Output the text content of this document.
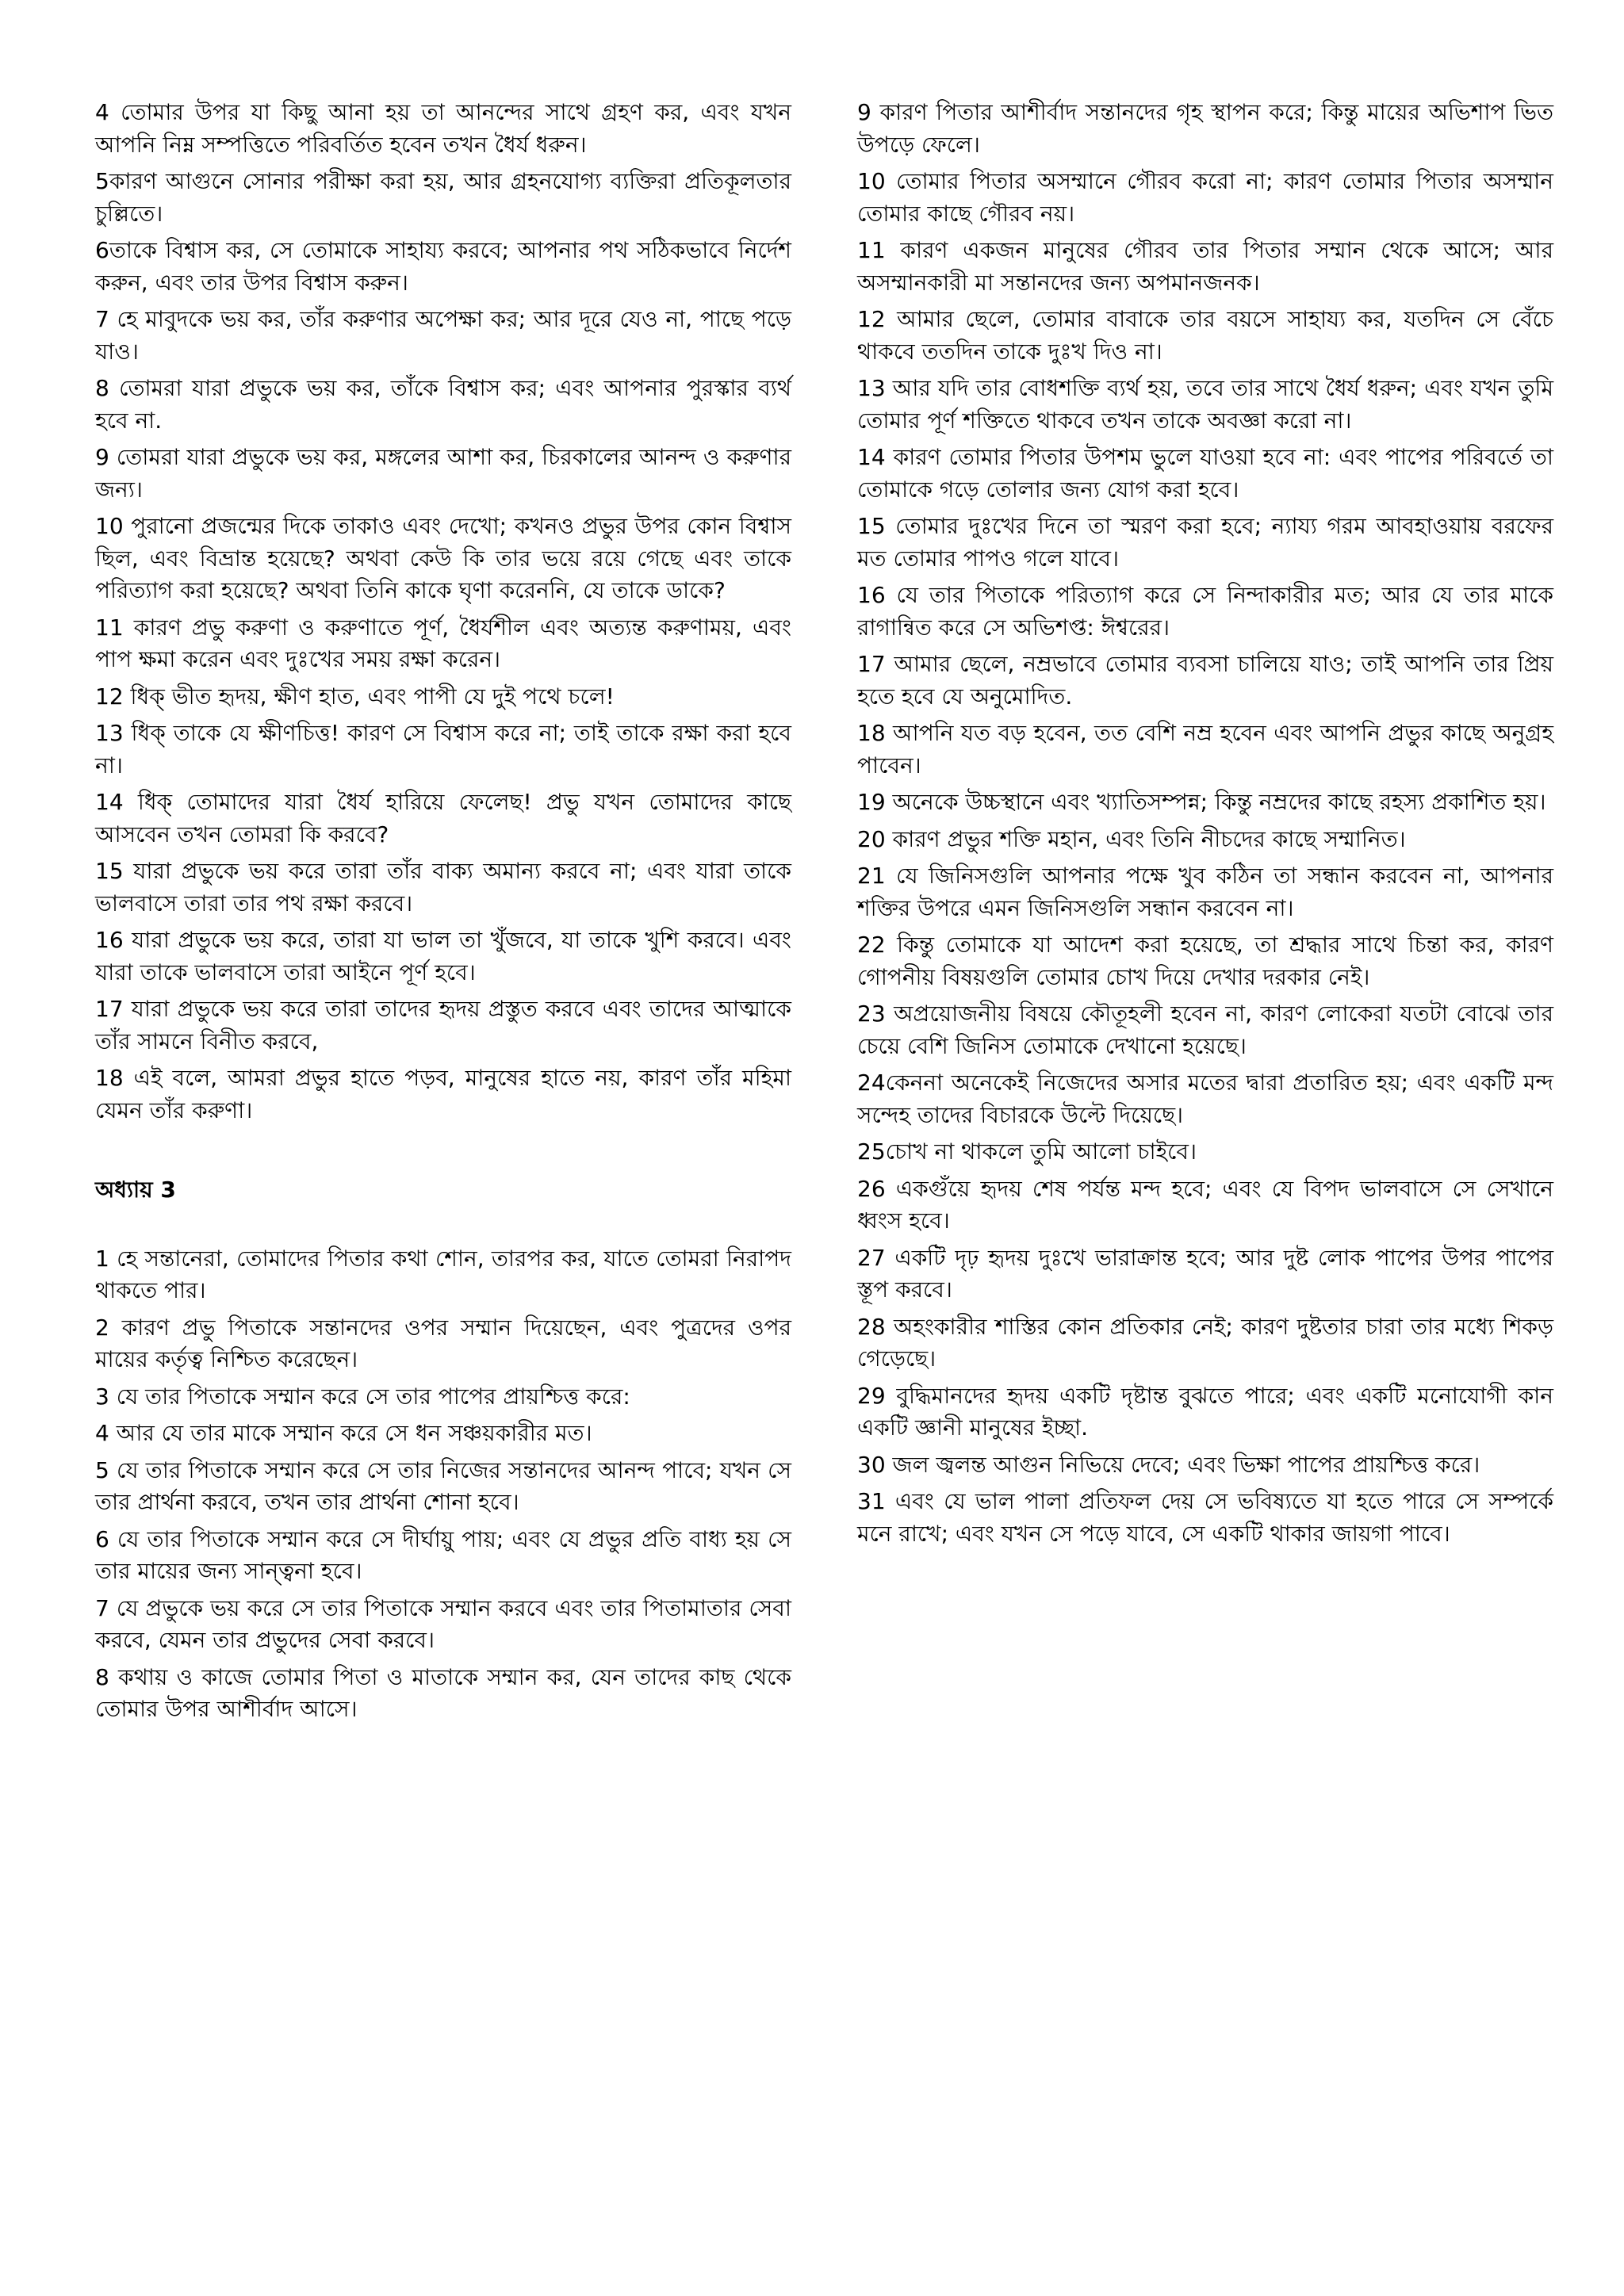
4 তোমার উপর যা কিছু আনা হয় তা আনন্দের সাথে গ্রহণ কর, এবং যখন আপনি নিম্ন সম্পত্তিতে পরিবর্তিত হবেন তখন ধৈর্য ধরুন।

5কারণ আগুনে সোনার পরীক্ষা করা হয়, আর গ্রহনযোগ্য ব্যক্তিরা প্রতিকূলতার চুল্লিতে।

6তাকে বিশ্বাস কর, সে তোমাকে সাহায্য করবে; আপনার পথ সঠিকভাবে নির্দেশ করুন, এবং তার উপর বিশ্বাস করুন।

7 হে মাবুদকে ভয় কর, তাঁর করুণার অপেক্ষা কর; আর দূরে যেও না, পাছে পড়ে যাও।

8 তোমরা যারা প্রভুকে ভয় কর, তাঁকে বিশ্বাস কর; এবং আপনার পুরস্কার ব্যর্থ হবে না.

9 তোমরা যারা প্রভুকে ভয় কর, মঙ্গলের আশা কর, চিরকালের আনন্দ ও করুণার জন্য।

10 পুরানো প্রজন্মের দিকে তাকাও এবং দেখো; কখনও প্রভুর উপর কোন বিশ্বাস ছিল, এবং বিভ্রান্ত হয়েছে? অথবা কেউ কি তার ভয়ে রয়ে গেছে এবং তাকে পরিত্যাগ করা হয়েছে? অথবা তিনি কাকে ঘৃণা করেননি, যে তাকে ডাকে?

11 কারণ প্রভু করুণা ও করুণাতে পূর্ণ, ধৈর্যশীল এবং অত্যন্ত করুণাময়, এবং পাপ ক্ষমা করেন এবং দুঃখের সময় রক্ষা করেন।

12 ধিক্‌ ভীত হৃদয়, ক্ষীণ হাত, এবং পাপী যে দুই পথে চলে!

13 ধিক্‌ তাকে যে ক্ষীণচিত্ত! কারণ সে বিশ্বাস করে না; তাই তাকে রক্ষা করা হবে না।

14 ধিক্‌ তোমাদের যারা ধৈর্য হারিয়ে ফেলেছ! প্রভু যখন তোমাদের কাছে আসবেন তখন তোমরা কি করবে?

15 যারা প্রভুকে ভয় করে তারা তাঁর বাক্য অমান্য করবে না; এবং যারা তাকে ভালবাসে তারা তার পথ রক্ষা করবে।

16 যারা প্রভুকে ভয় করে, তারা যা ভাল তা খুঁজবে, যা তাকে খুশি করবে। এবং যারা তাকে ভালবাসে তারা আইনে পূর্ণ হবে।

17 যারা প্রভুকে ভয় করে তারা তাদের হৃদয় প্রস্তুত করবে এবং তাদের আত্মাকে তাঁর সামনে বিনীত করবে,

18 এই বলে, আমরা প্রভুর হাতে পড়ব, মানুষের হাতে নয়, কারণ তাঁর মহিমা যেমন তাঁর করুণা।

অধ্যায় 3

1 হে সন্তানেরা, তোমাদের পিতার কথা শোন, তারপর কর, যাতে তোমরা নিরাপদ থাকতে পার।

2 কারণ প্রভু পিতাকে সন্তানদের ওপর সম্মান দিয়েছেন, এবং পুত্রদের ওপর মায়ের কর্তৃত্ব নিশ্চিত করেছেন।

3 যে তার পিতাকে সম্মান করে সে তার পাপের প্রায়শ্চিত্ত করে:

4 আর যে তার মাকে সম্মান করে সে ধন সঞ্চয়কারীর মত।

5 যে তার পিতাকে সম্মান করে সে তার নিজের সন্তানদের আনন্দ পাবে; যখন সে তার প্রার্থনা করবে, তখন তার প্রার্থনা শোনা হবে।

6 যে তার পিতাকে সম্মান করে সে দীর্ঘায়ু পায়; এবং যে প্রভুর প্রতি বাধ্য হয় সে তার মায়ের জন্য সান্ত্বনা হবে।

7 যে প্রভুকে ভয় করে সে তার পিতাকে সম্মান করবে এবং তার পিতামাতার সেবা করবে, যেমন তার প্রভুদের সেবা করবে।

8 কথায় ও কাজে তোমার পিতা ও মাতাকে সম্মান কর, যেন তাদের কাছ থেকে তোমার উপর আশীর্বাদ আসে।

9 কারণ পিতার আশীর্বাদ সন্তানদের গৃহ স্থাপন করে; কিন্তু মায়ের অভিশাপ ভিত উপড়ে ফেলে।

10 তোমার পিতার অসম্মানে গৌরব করো না; কারণ তোমার পিতার অসম্মান তোমার কাছে গৌরব নয়।

11 কারণ একজন মানুষের গৌরব তার পিতার সম্মান থেকে আসে; আর অসম্মানকারী মা সন্তানদের জন্য অপমানজনক।

12 আমার ছেলে, তোমার বাবাকে তার বয়সে সাহায্য কর, যতদিন সে বেঁচে থাকবে ততদিন তাকে দুঃখ দিও না।

13 আর যদি তার বোধশক্তি ব্যর্থ হয়, তবে তার সাথে ধৈর্য ধরুন; এবং যখন তুমি তোমার পূর্ণ শক্তিতে থাকবে তখন তাকে অবজ্ঞা করো না।

14 কারণ তোমার পিতার উপশম ভুলে যাওয়া হবে না: এবং পাপের পরিবর্তে তা তোমাকে গড়ে তোলার জন্য যোগ করা হবে।

15 তোমার দুঃখের দিনে তা স্মরণ করা হবে; ন্যায্য গরম আবহাওয়ায় বরফের মত তোমার পাপও গলে যাবে।

16 যে তার পিতাকে পরিত্যাগ করে সে নিন্দাকারীর মত; আর যে তার মাকে রাগান্বিত করে সে অভিশপ্ত: ঈশ্বরের।

17 আমার ছেলে, নম্রভাবে তোমার ব্যবসা চালিয়ে যাও; তাই আপনি তার প্রিয় হতে হবে যে অনুমোদিত.

18 আপনি যত বড় হবেন, তত বেশি নম্র হবেন এবং আপনি প্রভুর কাছে অনুগ্রহ পাবেন।

19 অনেকে উচ্চস্থানে এবং খ্যাতিসম্পন্ন; কিন্তু নম্রদের কাছে রহস্য প্রকাশিত হয়।

20 কারণ প্রভুর শক্তি মহান, এবং তিনি নীচদের কাছে সম্মানিত।

21 যে জিনিসগুলি আপনার পক্ষে খুব কঠিন তা সন্ধান করবেন না, আপনার শক্তির উপরে এমন জিনিসগুলি সন্ধান করবেন না।

22 কিন্তু তোমাকে যা আদেশ করা হয়েছে, তা শ্রদ্ধার সাথে চিন্তা কর, কারণ গোপনীয় বিষয়গুলি তোমার চোখ দিয়ে দেখার দরকার নেই।

23 অপ্রয়োজনীয় বিষয়ে কৌতূহলী হবেন না, কারণ লোকেরা যতটা বোঝে তার চেয়ে বেশি জিনিস তোমাকে দেখানো হয়েছে।

24কেননা অনেকেই নিজেদের অসার মতের দ্বারা প্রতারিত হয়; এবং একটি মন্দ সন্দেহ তাদের বিচারকে উল্টে দিয়েছে।

25চোখ না থাকলে তুমি আলো চাইবে।

26 একগুঁয়ে হৃদয় শেষ পর্যন্ত মন্দ হবে; এবং যে বিপদ ভালবাসে সে সেখানে ধ্বংস হবে।

27 একটি দৃঢ় হৃদয় দুঃখে ভারাক্রান্ত হবে; আর দুষ্ট লোক পাপের উপর পাপের স্তূপ করবে।

28 অহংকারীর শাস্তির কোন প্রতিকার নেই; কারণ দুষ্টতার চারা তার মধ্যে শিকড় গেড়েছে।

29 বুদ্ধিমানদের হৃদয় একটি দৃষ্টান্ত বুঝতে পারে; এবং একটি মনোযোগী কান একটি জ্ঞানী মানুষের ইচ্ছা.

30 জল জ্বলন্ত আগুন নিভিয়ে দেবে; এবং ভিক্ষা পাপের প্রায়শ্চিত্ত করে।

31 এবং যে ভাল পালা প্রতিফল দেয় সে ভবিষ্যতে যা হতে পারে সে সম্পর্কে মনে রাখে; এবং যখন সে পড়ে যাবে, সে একটি থাকার জায়গা পাবে।
